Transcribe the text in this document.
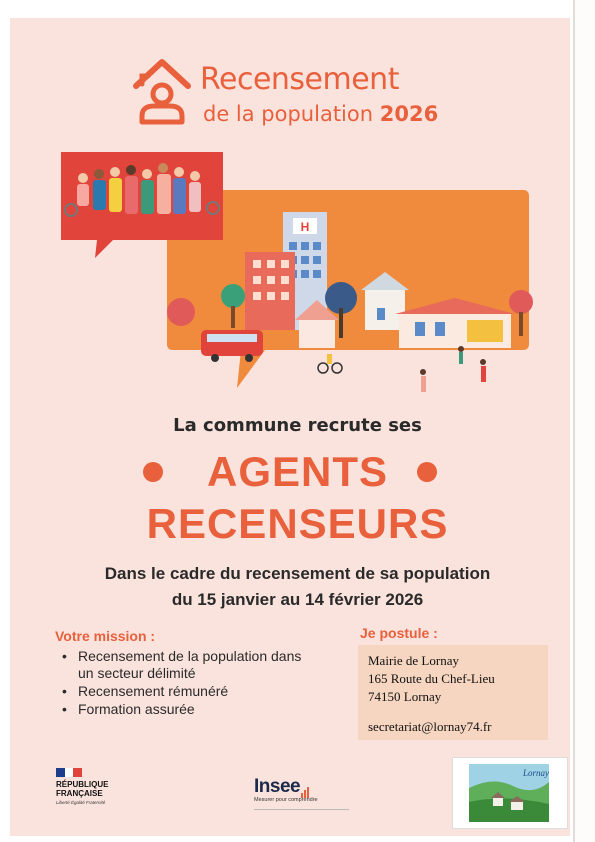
Recensement
de la population 2026
H
La commune recrute ses
AGENTS
RECENSEURS
Dans le cadre du recensement de sa population
du 15 janvier au 14 février 2026
Votre mission :
• Recensement de la population dans un secteur délimité
• Recensement rémunéré
• Formation assurée
Je postule :
Mairie de Lornay
165 Route du Chef-Lieu
74150 Lornay
secretariat@lornay74.fr
RÉPUBLIQUE
FRANÇAISE
Liberté Égalité Fraternité
Insee
Mesurer pour comprendre
Lornay
